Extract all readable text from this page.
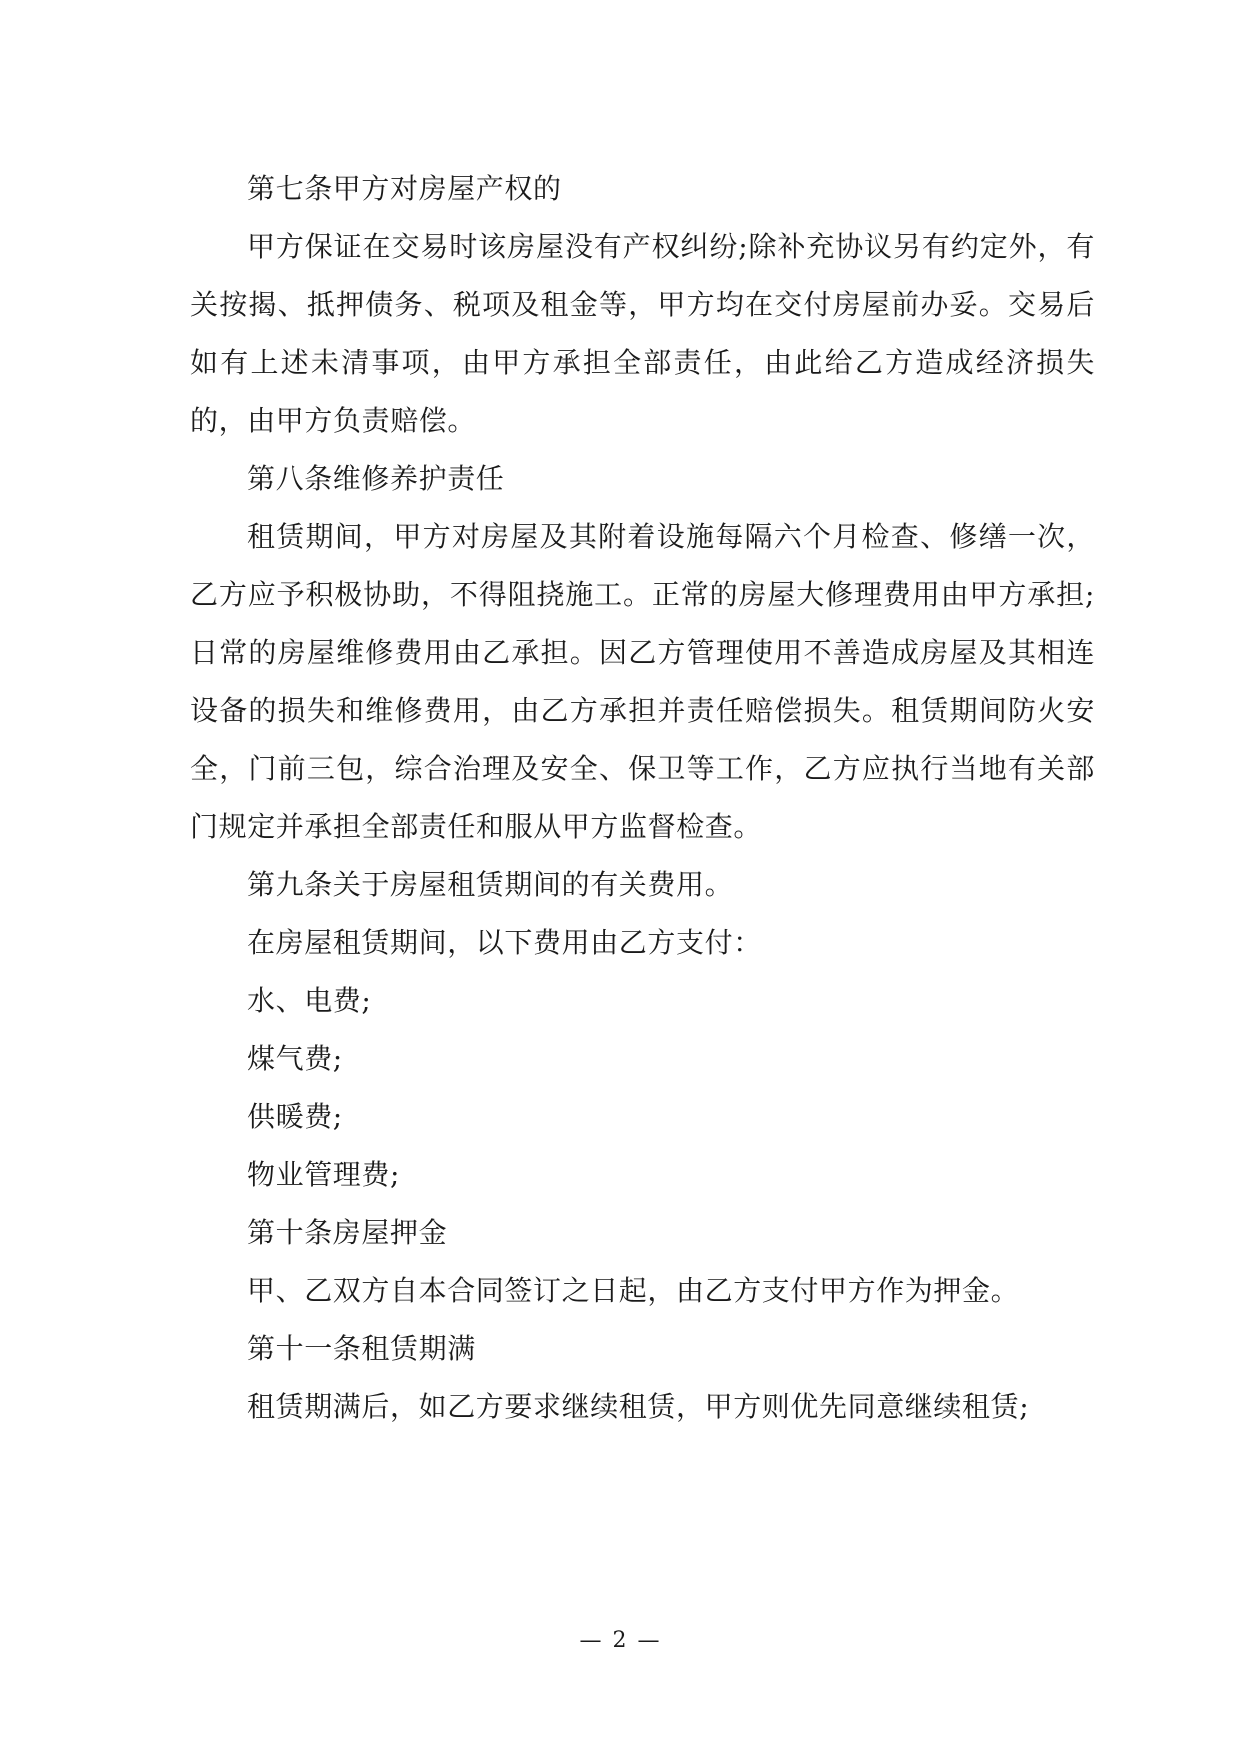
第七条甲方对房屋产权的

甲方保证在交易时该房屋没有产权纠纷;除补充协议另有约定外，有关按揭、抵押债务、税项及租金等，甲方均在交付房屋前办妥。交易后如有上述未清事项，由甲方承担全部责任，由此给乙方造成经济损失的，由甲方负责赔偿。

第八条维修养护责任

租赁期间，甲方对房屋及其附着设施每隔六个月检查、修缮一次，乙方应予积极协助，不得阻挠施工。正常的房屋大修理费用由甲方承担;日常的房屋维修费用由乙承担。因乙方管理使用不善造成房屋及其相连设备的损失和维修费用，由乙方承担并责任赔偿损失。租赁期间防火安全，门前三包，综合治理及安全、保卫等工作，乙方应执行当地有关部门规定并承担全部责任和服从甲方监督检查。

第九条关于房屋租赁期间的有关费用。

在房屋租赁期间，以下费用由乙方支付：

水、电费;

煤气费;

供暖费;

物业管理费;

第十条房屋押金

甲、乙双方自本合同签订之日起，由乙方支付甲方作为押金。

第十一条租赁期满

租赁期满后，如乙方要求继续租赁，甲方则优先同意继续租赁;

— 2 —
